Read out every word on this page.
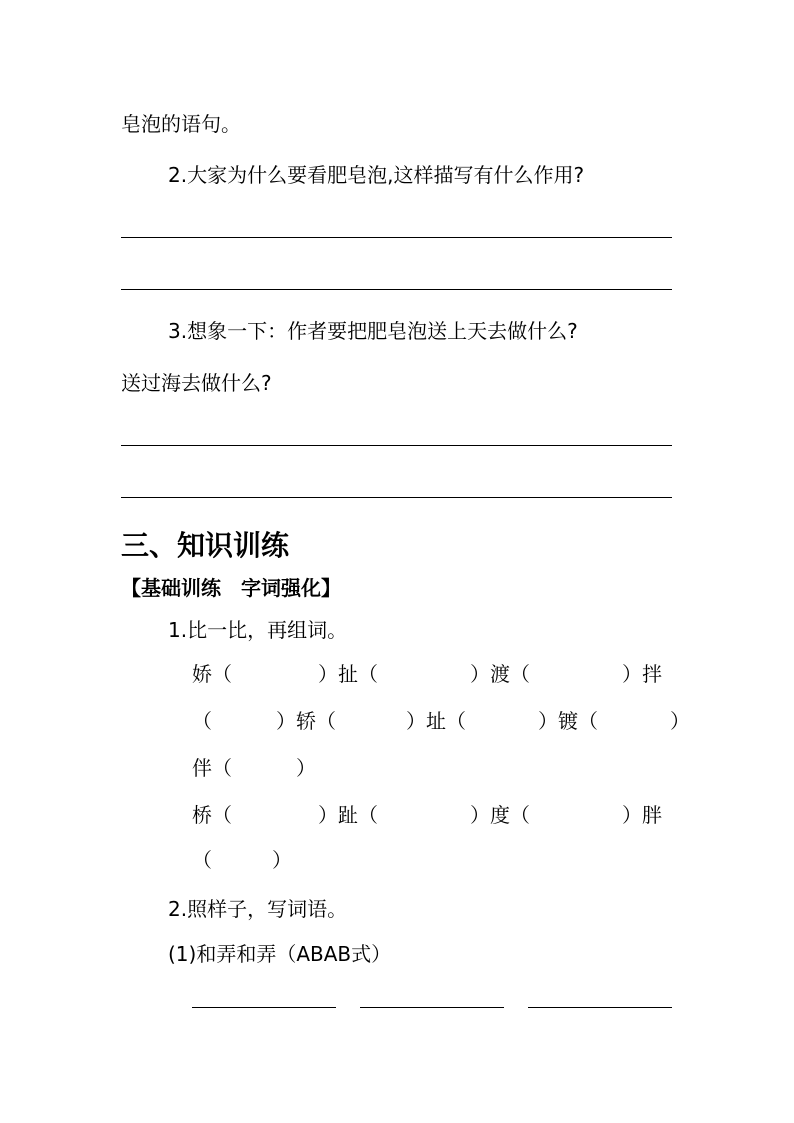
皂泡的语句。
2.大家为什么要看肥皂泡,这样描写有什么作用?
3.想象一下：作者要把肥皂泡送上天去做什么?
送过海去做什么?
三、知识训练
【基础训练　字词强化】
1.比一比，再组词。
娇（	）扯（	）渡（	）拌
（	）轿（	）址（	）镀（	）
伴（	）
桥（	）趾（	）度（	）胖
（	）
2.照样子，写词语。
(1)和弄和弄（ABAB式）
